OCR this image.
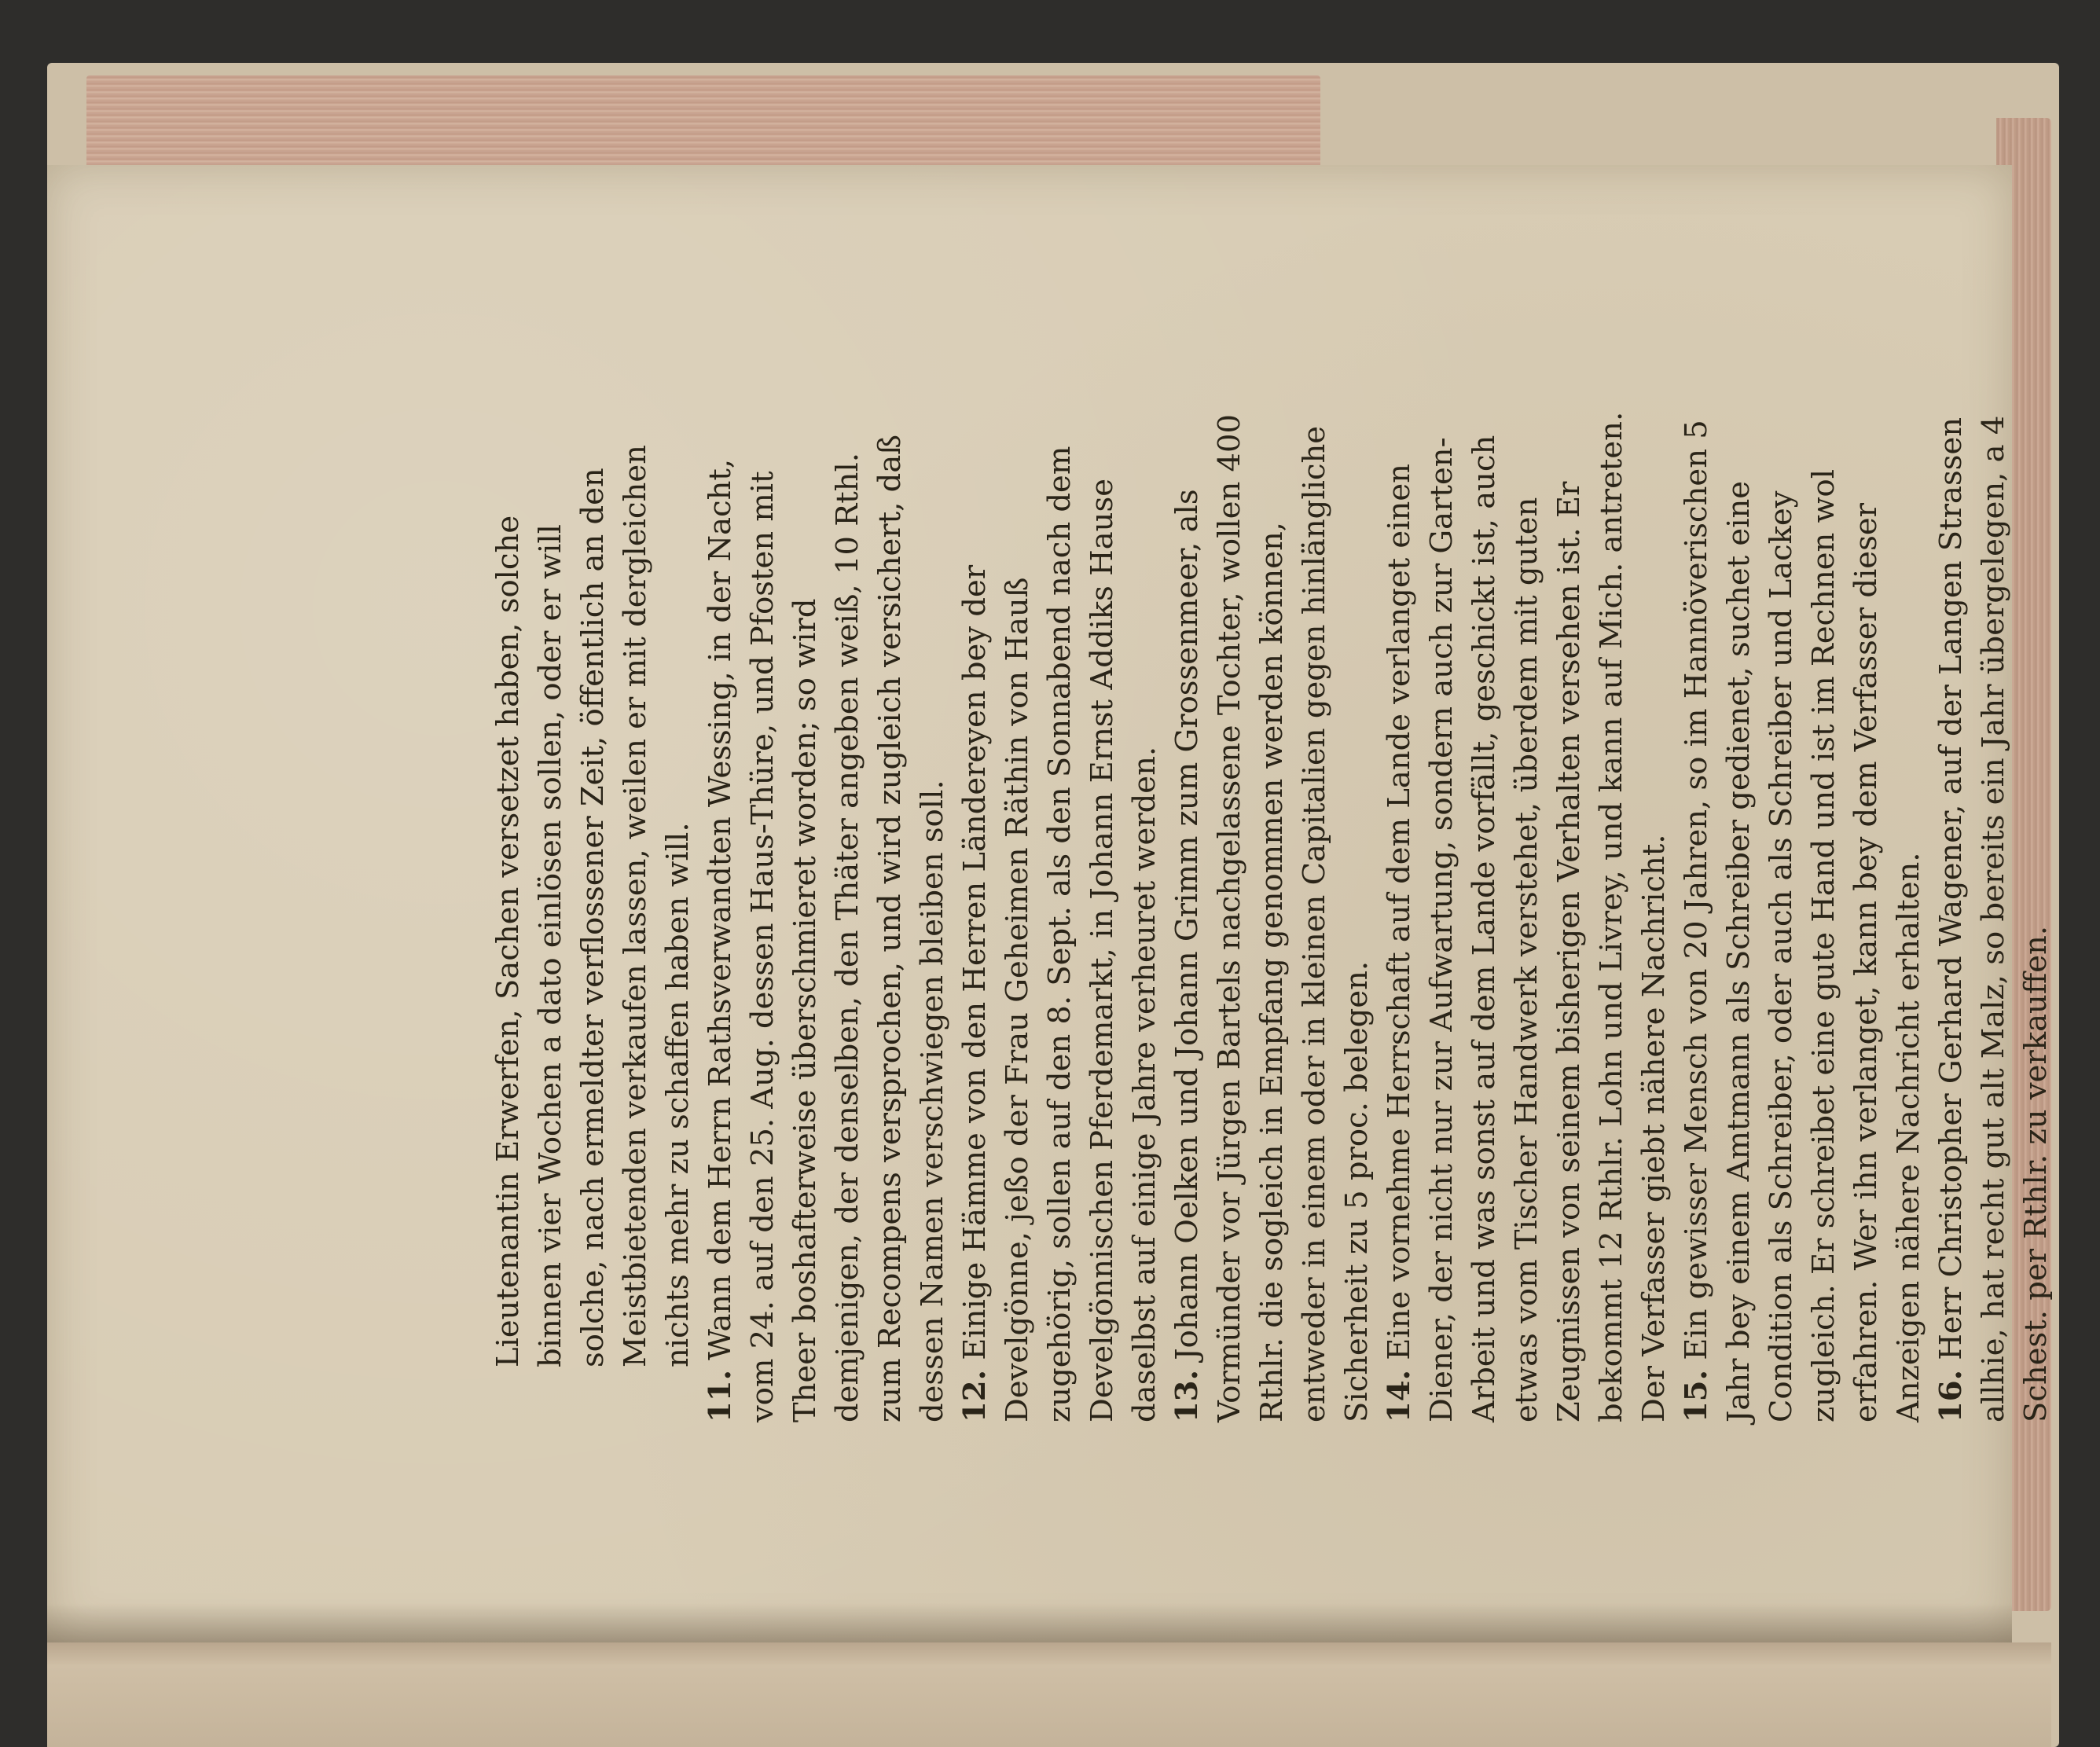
Lieutenantin Erwerfen, Sachen versetzet haben, solche binnen vier Wochen a dato einlösen sollen, oder er will solche, nach ermeldter verflossener Zeit, öffentlich an den Meistbietenden verkaufen lassen, weilen er mit dergleichen nichts mehr zu schaffen haben will.

11. Wann dem Herrn Rathsverwandten Wessing, in der Nacht, vom 24. auf den 25. Aug. dessen Haus-Thüre, und Pfosten mit Theer boshafterweise überschmieret worden; so wird demjenigen, der denselben, den Thäter angeben weiß, 10 Rthl. zum Recompens versprochen, und wird zugleich versichert, daß dessen Namen verschwiegen bleiben soll. 12. Einige Hämme von den Herren Ländereyen bey der Develgönne, jeßo der Frau Geheimen Räthin von Hauß zugehörig, sollen auf den 8. Sept. als den Sonnabend nach dem Develgönnischen Pferdemarkt, in Johann Ernst Addiks Hause daselbst auf einige Jahre verheuret werden. 13. Johann Oelken und Johann Grimm zum Grossenmeer, als Vormünder vor Jürgen Bartels nachgelassene Tochter, wollen 400 Rthlr. die sogleich in Empfang genommen werden können, entweder in einem oder in kleinen Capitalien gegen hinlängliche Sicherheit zu 5 proc. belegen. 14. Eine vornehme Herrschaft auf dem Lande verlanget einen Diener, der nicht nur zur Aufwartung, sondern auch zur Garten-Arbeit und was sonst auf dem Lande vorfällt, geschickt ist, auch etwas vom Tischer Handwerk verstehet, überdem mit guten Zeugnissen von seinem bisherigen Verhalten versehen ist. Er bekommt 12 Rthlr. Lohn und Livrey, und kann auf Mich. antreten. Der Verfasser giebt nähere Nachricht. 15. Ein gewisser Mensch von 20 Jahren, so im Hannöverischen 5 Jahr bey einem Amtmann als Schreiber gedienet, suchet eine Condition als Schreiber, oder auch als Schreiber und Lackey zugleich. Er schreibet eine gute Hand und ist im Rechnen wol erfahren. Wer ihn verlanget, kann bey dem Verfasser dieser Anzeigen nähere Nachricht erhalten. 16. Herr Christopher Gerhard Wagener, auf der Langen Strassen allhie, hat recht gut alt Malz, so bereits ein Jahr übergelegen, a 4 Schest. per Rthlr. zu verkauffen.
